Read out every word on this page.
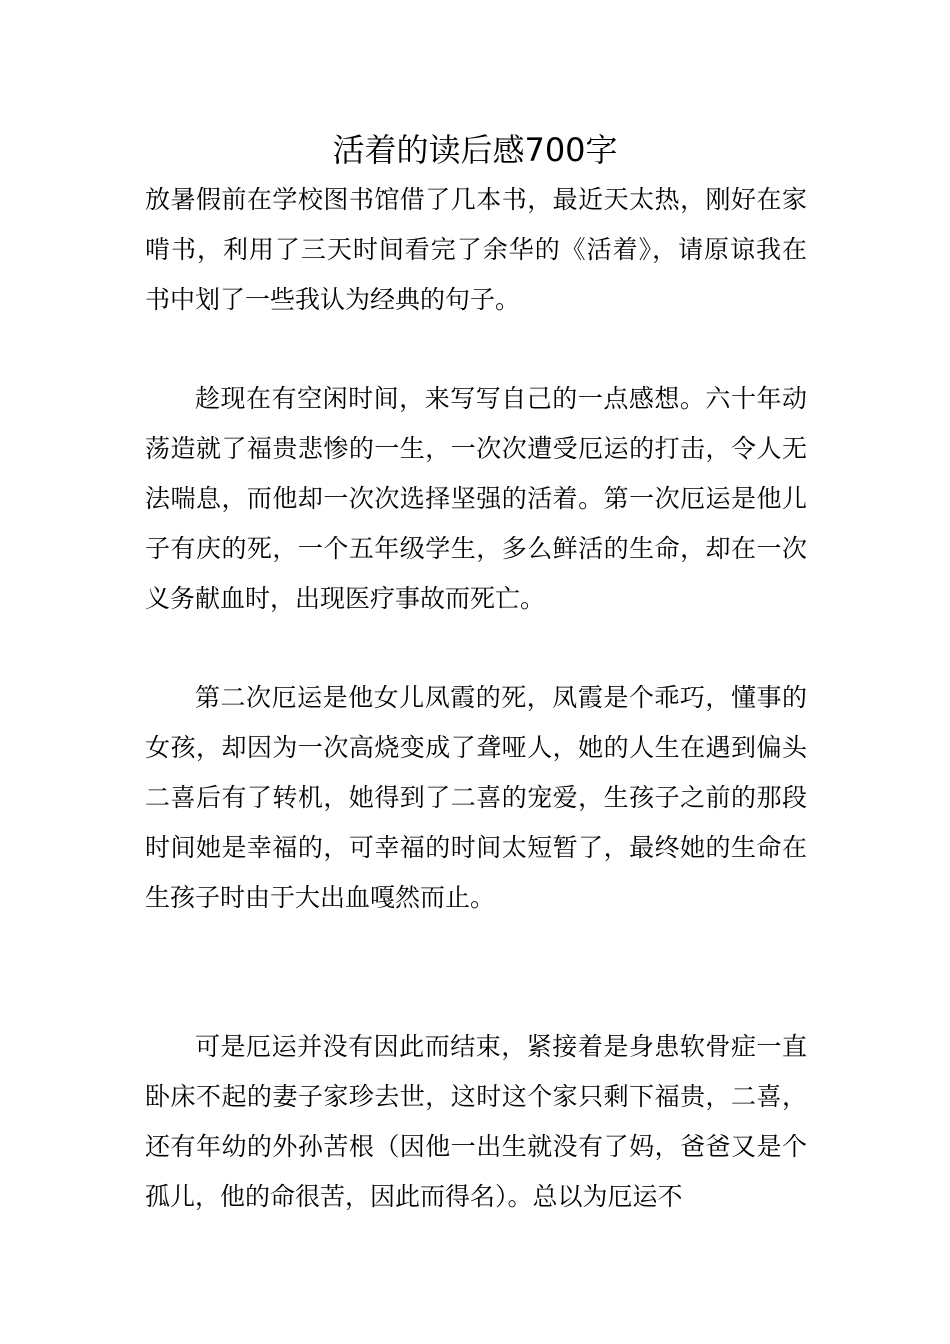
活着的读后感700字

放暑假前在学校图书馆借了几本书，最近天太热，刚好在家啃书，利用了三天时间看完了余华的《活着》，请原谅我在书中划了一些我认为经典的句子。

趁现在有空闲时间，来写写自己的一点感想。六十年动荡造就了福贵悲惨的一生，一次次遭受厄运的打击，令人无法喘息，而他却一次次选择坚强的活着。第一次厄运是他儿子有庆的死，一个五年级学生，多么鲜活的生命，却在一次义务献血时，出现医疗事故而死亡。

第二次厄运是他女儿凤霞的死，凤霞是个乖巧，懂事的女孩，却因为一次高烧变成了聋哑人，她的人生在遇到偏头二喜后有了转机，她得到了二喜的宠爱，生孩子之前的那段时间她是幸福的，可幸福的时间太短暂了，最终她的生命在生孩子时由于大出血嘎然而止。

可是厄运并没有因此而结束，紧接着是身患软骨症一直卧床不起的妻子家珍去世，这时这个家只剩下福贵，二喜，还有年幼的外孙苦根（因他一出生就没有了妈，爸爸又是个孤儿，他的命很苦，因此而得名）。总以为厄运不
